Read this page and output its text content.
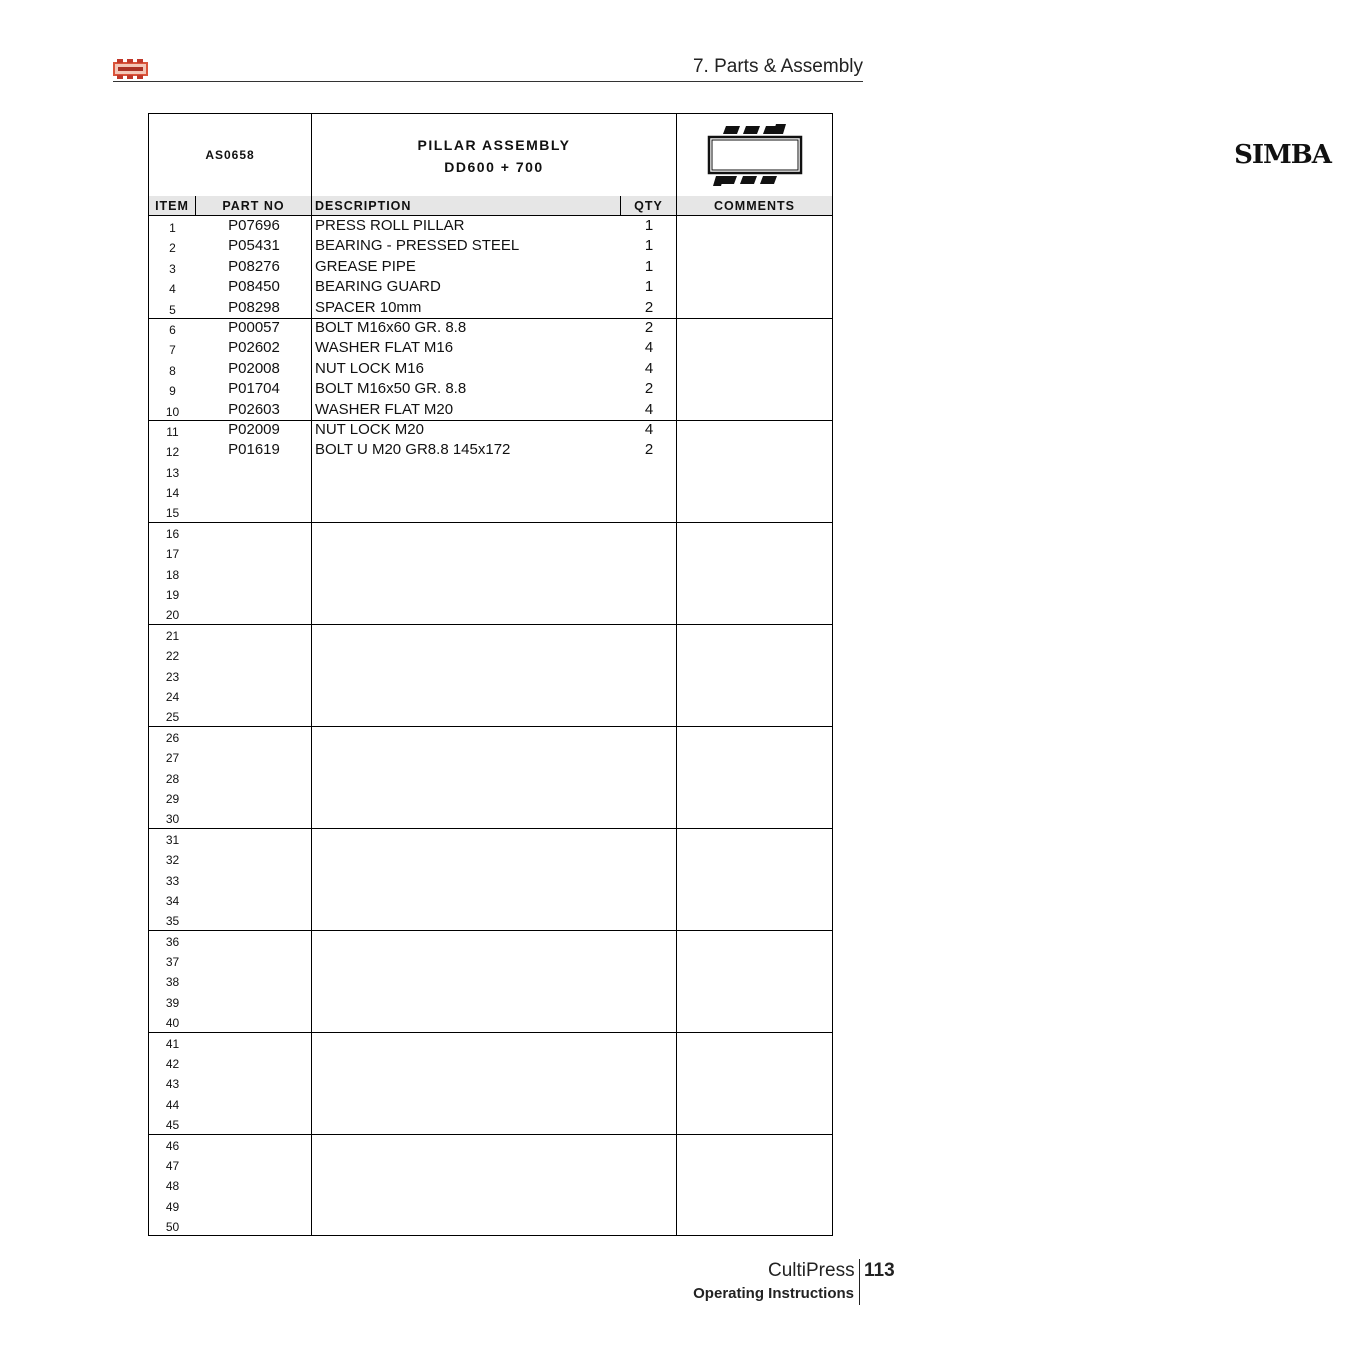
7. Parts & Assembly
AS0658
PILLAR ASSEMBLY
DD600 + 700	SIMBA
ITEM	PART NO	DESCRIPTION	QTY	COMMENTS
1	P07696	PRESS ROLL PILLAR	1
2	P05431	BEARING - PRESSED STEEL	1
3	P08276	GREASE PIPE	1
4	P08450	BEARING GUARD	1
5	P08298	SPACER 10mm	2
6	P00057	BOLT M16x60 GR. 8.8	2
7	P02602	WASHER FLAT M16	4
8	P02008	NUT LOCK M16	4
9	P01704	BOLT M16x50 GR. 8.8	2
10	P02603	WASHER FLAT M20	4
11	P02009	NUT LOCK M20	4
12	P01619	BOLT U M20 GR8.8 145x172	2
13
14
15
16
17
18
19
20
21
22
23
24
25
26
27
28
29
30
31
32
33
34
35
36
37
38
39
40
41
42
43
44
45
46
47
48
49
50
CultiPress 113
Operating Instructions
